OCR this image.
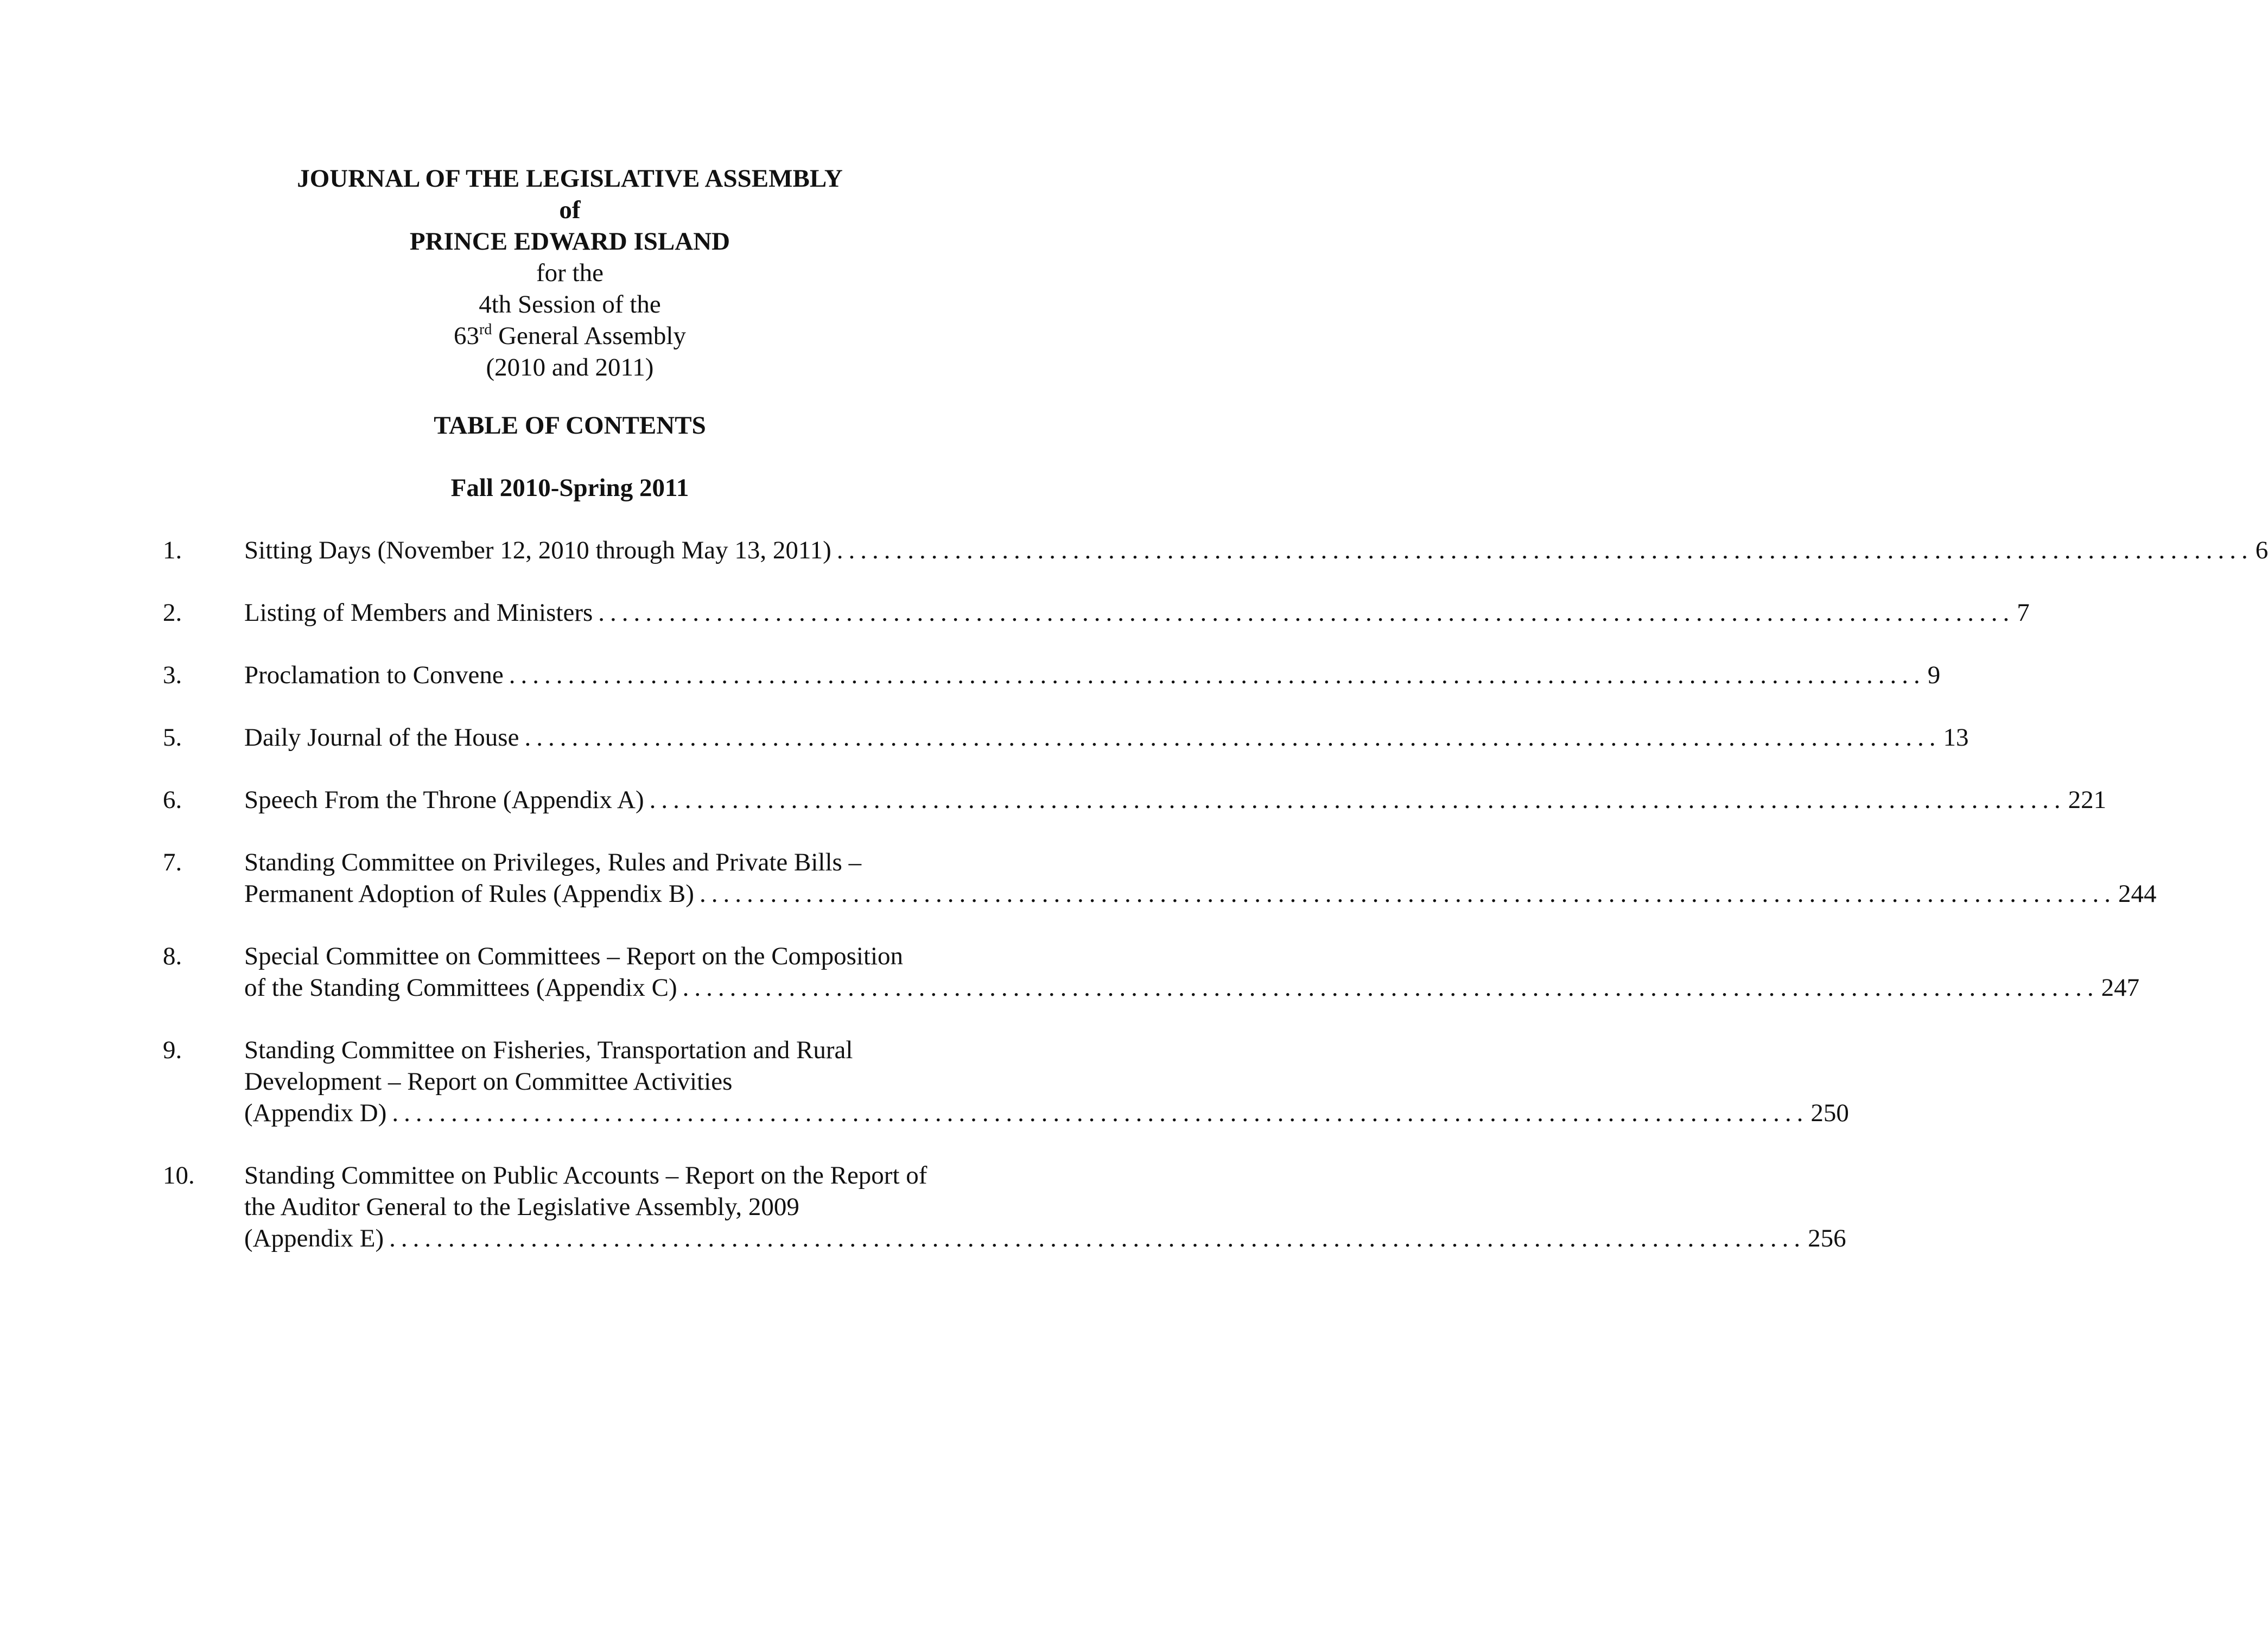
JOURNAL OF THE LEGISLATIVE ASSEMBLY
of
PRINCE EDWARD ISLAND
for the
4th Session of the
63rd General Assembly
(2010 and 2011)
TABLE OF CONTENTS
Fall 2010-Spring 2011
1. Sitting Days (November 12, 2010 through May 13, 2011) ........................................................................................................................ 6
2. Listing of Members and Ministers ........................................................................................................................ 7
3. Proclamation to Convene ........................................................................................................................ 9
5. Daily Journal of the House ........................................................................................................................ 13
6. Speech From the Throne (Appendix A) ........................................................................................................................ 221
7. Standing Committee on Privileges, Rules and Private Bills –
Permanent Adoption of Rules (Appendix B) ........................................................................................................................ 244
8. Special Committee on Committees – Report on the Composition
of the Standing Committees (Appendix C) ........................................................................................................................ 247
9. Standing Committee on Fisheries, Transportation and Rural
Development – Report on Committee Activities
(Appendix D) ........................................................................................................................ 250
10. Standing Committee on Public Accounts – Report on the Report of
the Auditor General to the Legislative Assembly, 2009
(Appendix E) ........................................................................................................................ 256
